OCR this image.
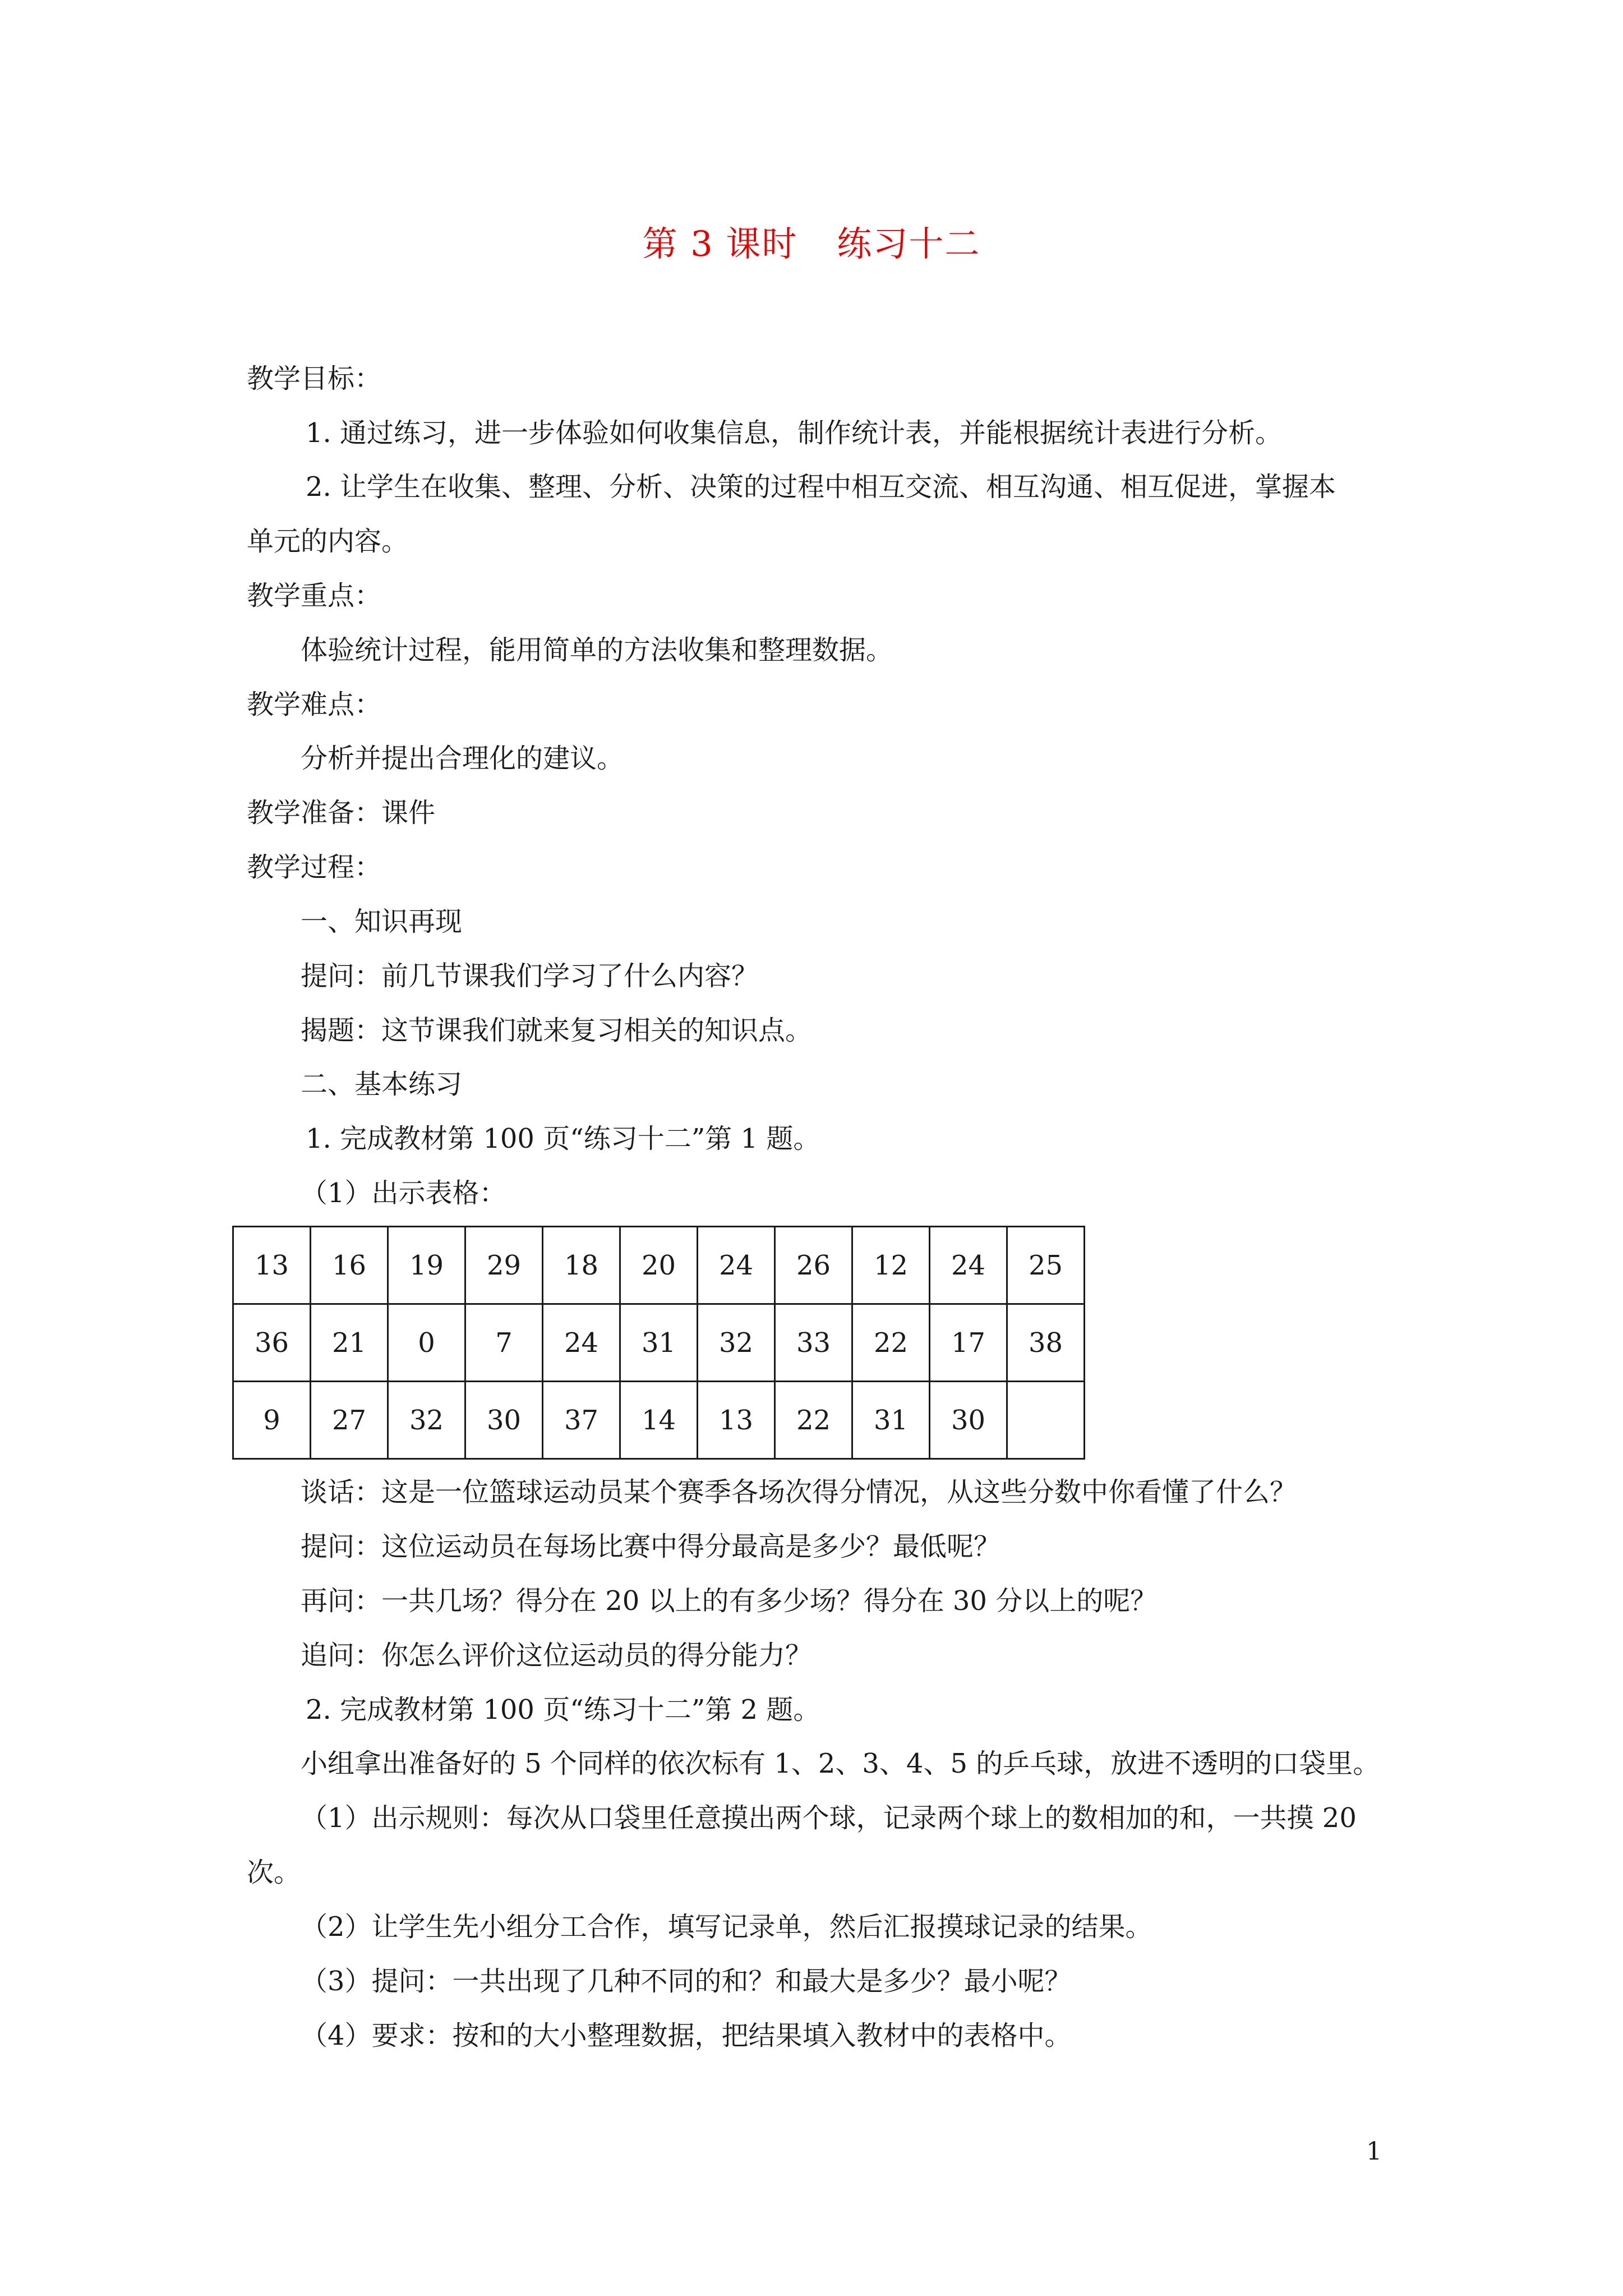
第 3 课时 练习十二
教学目标：
1. 通过练习，进一步体验如何收集信息，制作统计表，并能根据统计表进行分析。
2. 让学生在收集、整理、分析、决策的过程中相互交流、相互沟通、相互促进，掌握本
单元的内容。
教学重点：
体验统计过程，能用简单的方法收集和整理数据。
教学难点：
分析并提出合理化的建议。
教学准备：课件
教学过程：
一、知识再现
提问：前几节课我们学习了什么内容？
揭题：这节课我们就来复习相关的知识点。
二、基本练习
1. 完成教材第 100 页“练习十二”第 1 题。
（1）出示表格：
13	16	19	29	18	20	24	26	12	24	25
36	21	0	7	24	31	32	33	22	17	38
9	27	32	30	37	14	13	22	31	30	
谈话：这是一位篮球运动员某个赛季各场次得分情况，从这些分数中你看懂了什么？
提问：这位运动员在每场比赛中得分最高是多少？最低呢？
再问：一共几场？得分在 20 以上的有多少场？得分在 30 分以上的呢？
追问：你怎么评价这位运动员的得分能力？
2. 完成教材第 100 页“练习十二”第 2 题。
小组拿出准备好的 5 个同样的依次标有 1、2、3、4、5 的乒乓球，放进不透明的口袋里。
（1）出示规则：每次从口袋里任意摸出两个球，记录两个球上的数相加的和，一共摸 20
次。
（2）让学生先小组分工合作，填写记录单，然后汇报摸球记录的结果。
（3）提问：一共出现了几种不同的和？和最大是多少？最小呢？
（4）要求：按和的大小整理数据，把结果填入教材中的表格中。
1
